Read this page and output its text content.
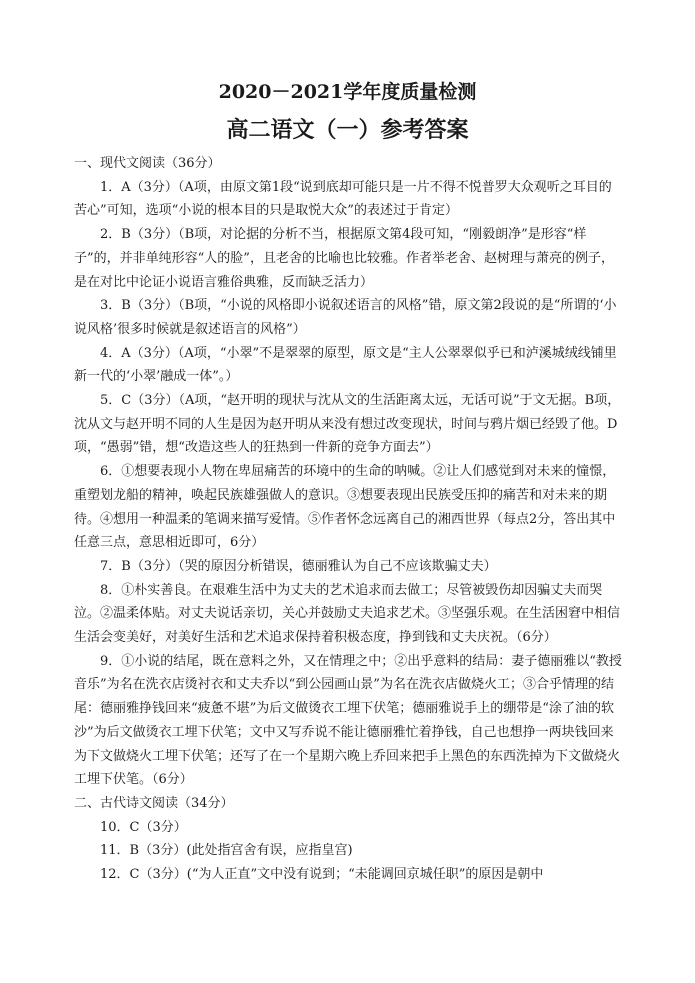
2020－2021学年度质量检测
高二语文（一）参考答案

一、现代文阅读（36分）

1．A（3分）（A项，由原文第1段“说到底却可能只是一片不得不悦普罗大众观听之耳目的苦心”可知，选项“小说的根本目的只是取悦大众”的表述过于肯定）

2．B（3分）（B项，对论据的分析不当，根据原文第4段可知，“刚毅朗净”是形容“样子”的，并非单纯形容“人的脸”，且老舍的比喻也比较雅。作者举老舍、赵树理与萧亮的例子，是在对比中论证小说语言雅俗典雅，反而缺乏活力）

3．B（3分）（B项，“小说的风格即小说叙述语言的风格”错，原文第2段说的是“所谓的‘小说风格’很多时候就是叙述语言的风格”）

4．A（3分）（A项，“小翠”不是翠翠的原型，原文是“主人公翠翠似乎已和泸溪城绒线铺里新一代的‘小翠’融成一体”。）

5．C（3分）（A项，“赵开明的现状与沈从文的生活距离太远，无话可说”于文无据。B项，沈从文与赵开明不同的人生是因为赵开明从来没有想过改变现状，时间与鸦片烟已经毁了他。D项，“愚弱”错，想“改造这些人的狂热到一件新的竞争方面去”）

6．①想要表现小人物在卑屈痛苦的环境中的生命的呐喊。②让人们感觉到对未来的憧憬，重塑划龙船的精神，唤起民族雄强做人的意识。③想要表现出民族受压抑的痛苦和对未来的期待。④想用一种温柔的笔调来描写爱情。⑤作者怀念远离自己的湘西世界（每点2分，答出其中任意三点，意思相近即可，6分）

7．B（3分）（哭的原因分析错误，德丽雅认为自己不应该欺骗丈夫）

8．①朴实善良。在艰难生活中为丈夫的艺术追求而去做工；尽管被毁伤却因骗丈夫而哭泣。②温柔体贴。对丈夫说话亲切，关心并鼓励丈夫追求艺术。③坚强乐观。在生活困窘中相信生活会变美好，对美好生活和艺术追求保持着积极态度，挣到钱和丈夫庆祝。（6分）

9．①小说的结尾，既在意料之外，又在情理之中；②出乎意料的结局：妻子德丽雅以“教授音乐”为名在洗衣店烫衬衣和丈夫乔以“到公园画山景”为名在洗衣店做烧火工；③合乎情理的结尾：德丽雅挣钱回来“疲惫不堪”为后文做烫衣工埋下伏笔；德丽雅说手上的绷带是“涂了油的软沙”为后文做烫衣工埋下伏笔；文中又写乔说不能让德丽雅忙着挣钱，自己也想挣一两块钱回来为下文做烧火工埋下伏笔；还写了在一个星期六晚上乔回来把手上黑色的东西洗掉为下文做烧火工埋下伏笔。（6分）

二、古代诗文阅读（34分）

10．C（3分）

11．B（3分）(此处指宫舍有误，应指皇宫)

12．C（3分）(“为人正直”文中没有说到；“未能调回京城任职”的原因是朝中
